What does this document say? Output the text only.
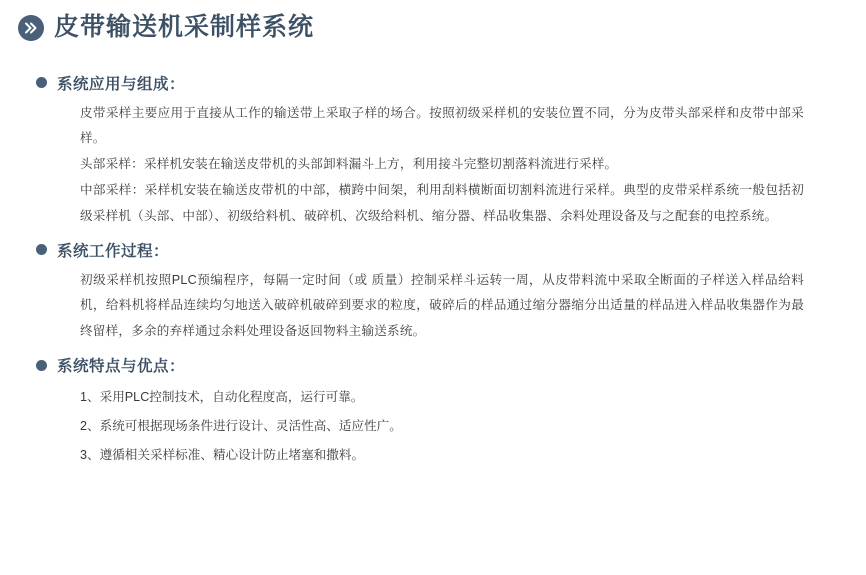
皮带输送机采制样系统
系统应用与组成：

皮带采样主要应用于直接从工作的输送带上采取子样的场合。按照初级采样机的安装位置不同，分为皮带头部采样和皮带中部采样。

头部采样：采样机安装在输送皮带机的头部卸料漏斗上方，利用接斗完整切割落料流进行采样。

中部采样：采样机安装在输送皮带机的中部，横跨中间架，利用刮料横断面切割料流进行采样。典型的皮带采样系统一般包括初级采样机（头部、中部）、初级给料机、破碎机、次级给料机、缩分器、样品收集器、余料处理设备及与之配套的电控系统。

系统工作过程：

初级采样机按照PLC预编程序，每隔一定时间（或 质量）控制采样斗运转一周，从皮带料流中采取全断面的子样送入样品给料机，给料机将样品连续均匀地送入破碎机破碎到要求的粒度，破碎后的样品通过缩分器缩分出适量的样品进入样品收集器作为最终留样，多余的弃样通过余料处理设备返回物料主输送系统。

系统特点与优点：
1、采用PLC控制技术，自动化程度高，运行可靠。
2、系统可根据现场条件进行设计、灵活性高、适应性广。
3、遵循相关采样标准、精心设计防止堵塞和撒料。
